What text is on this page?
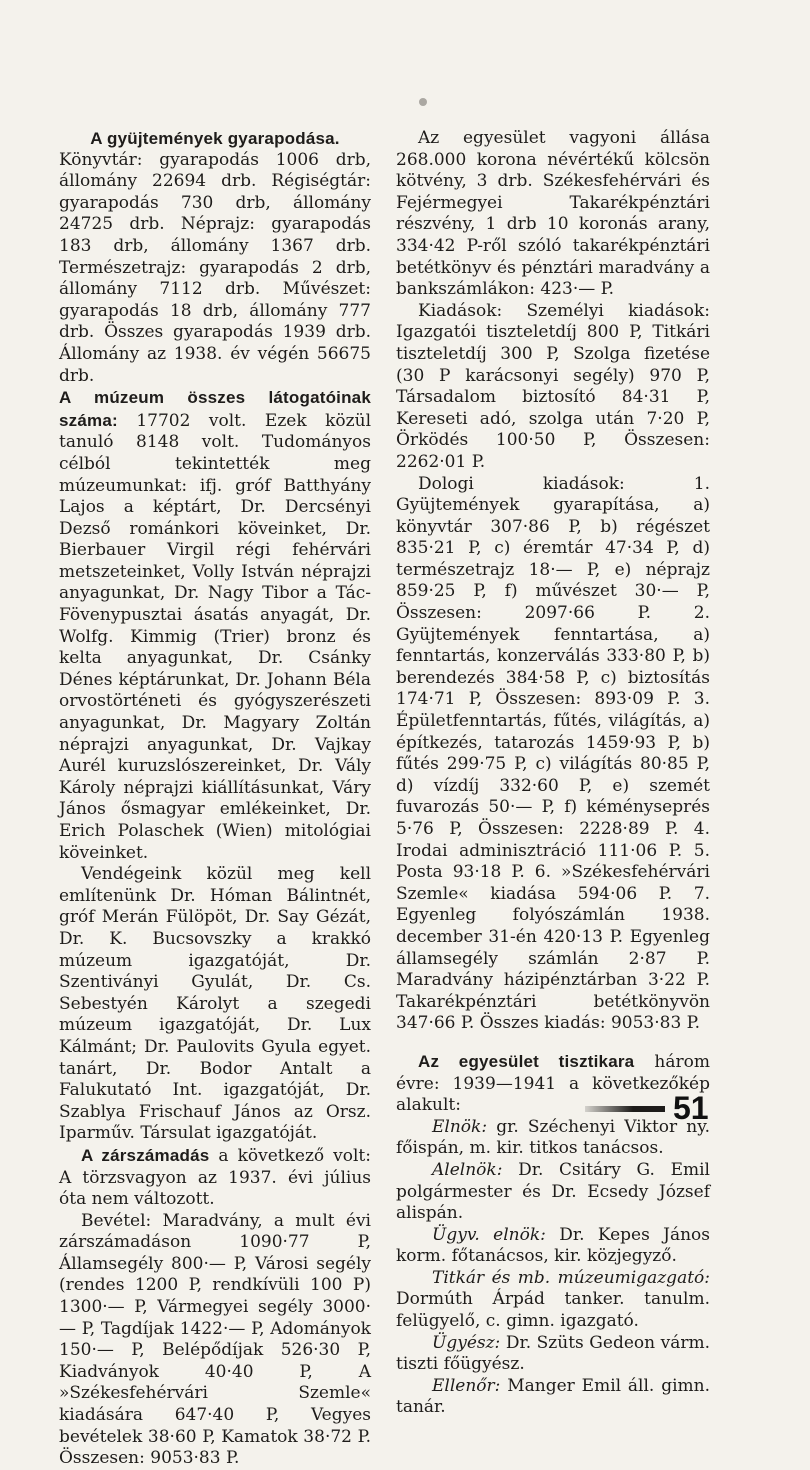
A gyüjtemények gyarapodása.

Könyvtár: gyarapodás 1006 drb, állomány 22694 drb. Régiségtár: gyarapodás 730 drb, állomány 24725 drb. Néprajz: gyarapodás 183 drb, állomány 1367 drb. Természetrajz: gyarapodás 2 drb, állomány 7112 drb. Művészet: gyarapodás 18 drb, állomány 777 drb. Összes gyarapodás 1939 drb. Állomány az 1938. év végén 56675 drb.

A múzeum összes látogatóinak száma: 17702 volt. Ezek közül tanuló 8148 volt. Tudományos célból tekintették meg múzeumunkat: ifj. gróf Batthyány Lajos a képtárt, Dr. Dercsényi Dezső románkori köveinket, Dr. Bierbauer Virgil régi fehérvári metszeteinket, Volly István néprajzi anyagunkat, Dr. Nagy Tibor a Tác-Fövenypusztai ásatás anyagát, Dr. Wolfg. Kimmig (Trier) bronz és kelta anyagunkat, Dr. Csánky Dénes képtárunkat, Dr. Johann Béla orvostörténeti és gyógyszerészeti anyagunkat, Dr. Magyary Zoltán néprajzi anyagunkat, Dr. Vajkay Aurél kuruzslószereinket, Dr. Vály Károly néprajzi kiállításunkat, Váry János ősmagyar emlékeinket, Dr. Erich Polaschek (Wien) mitológiai köveinket.

Vendégeink közül meg kell említenünk Dr. Hóman Bálintnét, gróf Merán Fülöpöt, Dr. Say Gézát, Dr. K. Bucsovszky a krakkó múzeum igazgatóját, Dr. Szentiványi Gyulát, Dr. Cs. Sebestyén Károlyt a szegedi múzeum igazgatóját, Dr. Lux Kálmánt; Dr. Paulovits Gyula egyet. tanárt, Dr. Bodor Antalt a Falukutató Int. igazgatóját, Dr. Szablya Frischauf János az Orsz. Iparműv. Társulat igazgatóját.

A zárszámadás a következő volt: A törzsvagyon az 1937. évi július óta nem változott.

Bevétel: Maradvány, a mult évi zárszámadáson 1090·77 P, Államsegély 800·— P, Városi segély (rendes 1200 P, rendkívüli 100 P) 1300·— P, Vármegyei segély 3000·— P, Tagdíjak 1422·— P, Adományok 150·— P, Belépődíjak 526·30 P, Kiadványok 40·40 P, A »Székesfehérvári Szemle« kiadására 647·40 P, Vegyes bevételek 38·60 P, Kamatok 38·72 P. Összesen: 9053·83 P.

Az egyesület vagyoni állása 268.000 korona névértékű kölcsön kötvény, 3 drb. Székesfehérvári és Fejérmegyei Takarékpénztári részvény, 1 drb 10 koronás arany, 334·42 P-ről szóló takarékpénztári betétkönyv és pénztári maradvány a bankszámlákon: 423·— P.

Kiadások: Személyi kiadások: Igazgatói tiszteletdíj 800 P, Titkári tiszteletdíj 300 P, Szolga fizetése (30 P karácsonyi segély) 970 P, Társadalom biztosító 84·31 P, Kereseti adó, szolga után 7·20 P, Örködés 100·50 P, Összesen: 2262·01 P.

Dologi kiadások: 1. Gyüjtemények gyarapítása, a) könyvtár 307·86 P, b) régészet 835·21 P, c) éremtár 47·34 P, d) természetrajz 18·— P, e) néprajz 859·25 P, f) művészet 30·— P, Összesen: 2097·66 P. 2. Gyüjtemények fenntartása, a) fenntartás, konzerválás 333·80 P, b) berendezés 384·58 P, c) biztosítás 174·71 P, Összesen: 893·09 P. 3. Épületfenntartás, fűtés, világítás, a) építkezés, tatarozás 1459·93 P, b) fűtés 299·75 P, c) világítás 80·85 P, d) vízdíj 332·60 P, e) szemét fuvarozás 50·— P, f) kéményseprés 5·76 P, Összesen: 2228·89 P. 4. Irodai adminisztráció 111·06 P. 5. Posta 93·18 P. 6. »Székesfehérvári Szemle« kiadása 594·06 P. 7. Egyenleg folyószámlán 1938. december 31-én 420·13 P. Egyenleg államsegély számlán 2·87 P. Maradvány házipénztárban 3·22 P. Takarékpénztári betétkönyvön 347·66 P. Összes kiadás: 9053·83 P.

Az egyesület tisztikara három évre: 1939—1941 a következőkép alakult:

Elnök: gr. Széchenyi Viktor ny. főispán, m. kir. titkos tanácsos.

Alelnök: Dr. Csitáry G. Emil polgármester és Dr. Ecsedy József alispán.

Ügyv. elnök: Dr. Kepes János korm. főtanácsos, kir. közjegyző.

Titkár és mb. múzeumigazgató: Dormúth Árpád tanker. tanulm. felügyelő, c. gimn. igazgató.

Ügyész: Dr. Szüts Gedeon várm. tiszti főügyész.

Ellenőr: Manger Emil áll. gimn. tanár.

51
